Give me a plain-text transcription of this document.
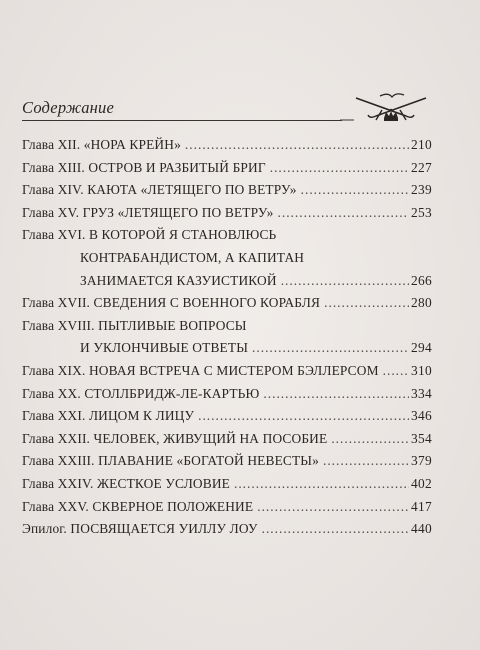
Содержание
Глава XII. «НОРА КРЕЙН» .....	210
Глава XIII. ОСТРОВ И РАЗБИТЫЙ БРИГ .....	227
Глава XIV. КАЮТА «ЛЕТЯЩЕГО ПО ВЕТРУ» .....	239
Глава XV. ГРУЗ «ЛЕТЯЩЕГО ПО ВЕТРУ» .....	253
Глава XVI. В КОТОРОЙ Я СТАНОВЛЮСЬ
КОНТРАБАНДИСТОМ, А КАПИТАН
ЗАНИМАЕТСЯ КАЗУИСТИКОЙ .....	266
Глава XVII. СВЕДЕНИЯ С ВОЕННОГО КОРАБЛЯ .....	280
Глава XVIII. ПЫТЛИВЫЕ ВОПРОСЫ
И УКЛОНЧИВЫЕ ОТВЕТЫ .....	294
Глава XIX. НОВАЯ ВСТРЕЧА С МИСТЕРОМ БЭЛЛЕРСОМ ..... 310
Глава XX. СТОЛЛБРИДЖ-ЛЕ-КАРТЬЮ .....	334
Глава XXI. ЛИЦОМ К ЛИЦУ .....	346
Глава XXII. ЧЕЛОВЕК, ЖИВУЩИЙ НА ПОСОБИЕ .....	354
Глава XXIII. ПЛАВАНИЕ «БОГАТОЙ НЕВЕСТЫ» .....	379
Глава XXIV. ЖЕСТКОЕ УСЛОВИЕ .....	402
Глава XXV. СКВЕРНОЕ ПОЛОЖЕНИЕ .....	417
Эпилог. ПОСВЯЩАЕТСЯ УИЛЛУ ЛОУ .....	440
